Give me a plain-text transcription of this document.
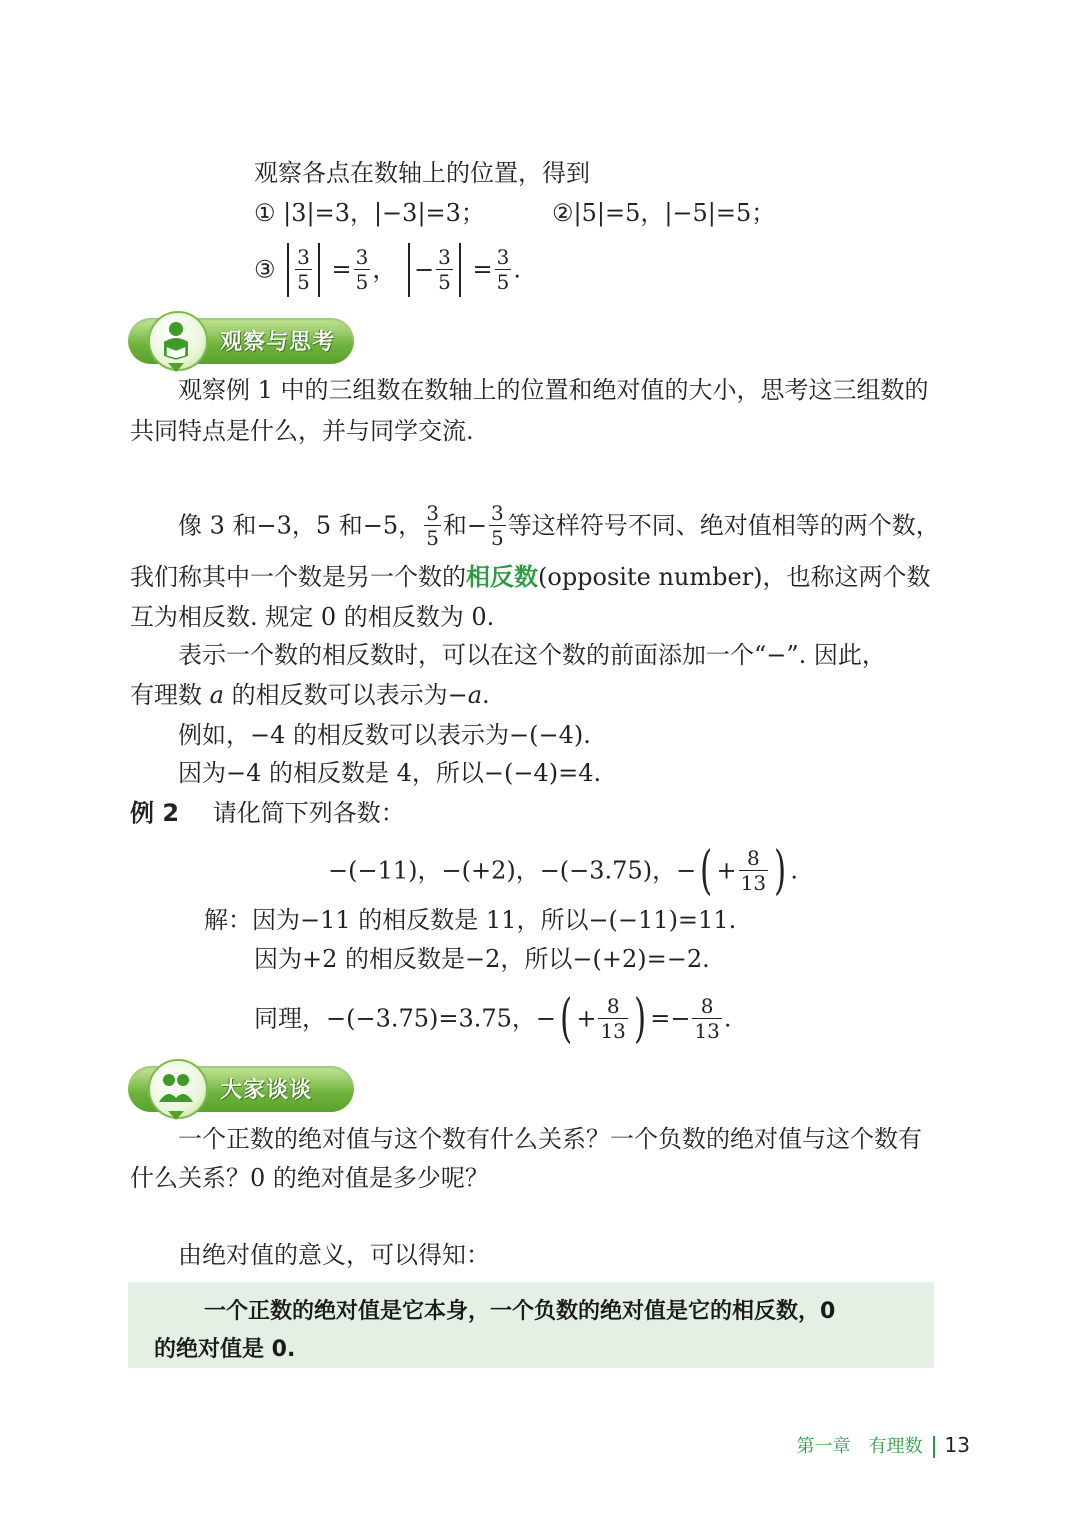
观察各点在数轴上的位置，得到
① |3|=3，|−3|=3；	②|5|=5，|−5|=5；
③ $\frac{3}{5} = \frac{3}{5}$ ， − $\frac{3}{5} = \frac{3}{5}$ .
观察与思考
观察例 1 中的三组数在数轴上的位置和绝对值的大小，思考这三组数的
共同特点是什么，并与同学交流.
像 3 和−3，5 和−5， $\frac{3}{5}$ 和− $\frac{3}{5}$ 等这样符号不同、绝对值相等的两个数，
我们称其中一个数是另一个数的相反数(opposite number)，也称这两个数
互为相反数. 规定 0 的相反数为 0.
表示一个数的相反数时，可以在这个数的前面添加一个“−”. 因此，
有理数 a 的相反数可以表示为−a.
例如，−4 的相反数可以表示为−(−4).
因为−4 的相反数是 4，所以−(−4)=4.
例 2 请化简下列各数：
−(−11)，−(+2)，−(−3.75)，−( + $\frac{8}{13}$ ) .
解：因为−11 的相反数是 11，所以−(−11)=11.
因为+2 的相反数是−2，所以−(+2)=−2.
同理，−(−3.75)=3.75，−( + $\frac{8}{13}$ ) =− $\frac{8}{13}$ .
大家谈谈
一个正数的绝对值与这个数有什么关系？一个负数的绝对值与这个数有
什么关系？0 的绝对值是多少呢？
由绝对值的意义，可以得知：
一个正数的绝对值是它本身，一个负数的绝对值是它的相反数，0
的绝对值是 0.
第一章　有理数 13
